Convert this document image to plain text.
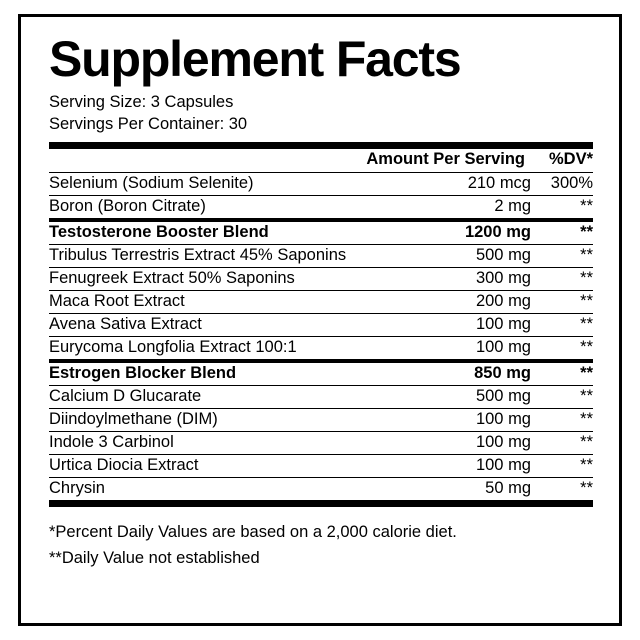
Supplement Facts
Serving Size: 3 Capsules
Servings Per Container: 30
	Amount Per Serving	%DV*
Selenium (Sodium Selenite)	210 mcg	300%
Boron (Boron Citrate)	2 mg	**
Testosterone Booster Blend	1200 mg	**
Tribulus Terrestris Extract 45% Saponins	500 mg	**
Fenugreek Extract 50% Saponins	300 mg	**
Maca Root Extract	200 mg	**
Avena Sativa Extract	100 mg	**
Eurycoma Longfolia Extract 100:1	100 mg	**
Estrogen Blocker Blend	850 mg	**
Calcium D Glucarate	500 mg	**
Diindoylmethane (DIM)	100 mg	**
Indole 3 Carbinol	100 mg	**
Urtica Diocia Extract	100 mg	**
Chrysin	50 mg	**

*Percent Daily Values are based on a 2,000 calorie diet.
**Daily Value not established
